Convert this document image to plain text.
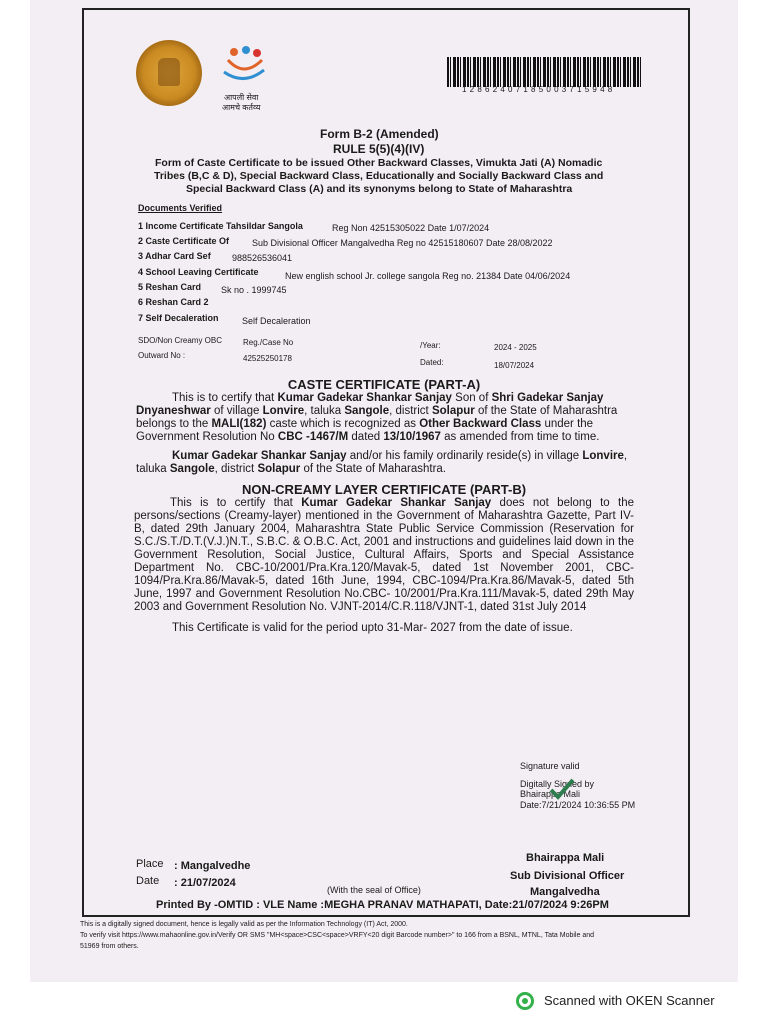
आपली सेवा
आमचे कर्तव्य
1 2 8 6 2 4 0 7 1 8 5 0 0 3 7 1 5 9 4 8
Form B-2 (Amended)
RULE 5(5)(4)(IV)
Form of Caste Certificate to be issued Other Backward Classes, Vimukta Jati (A) Nomadic
Tribes (B,C & D), Special Backward Class, Educationally and Socially Backward Class and
Special Backward Class (A) and its synonyms belong to State of Maharashtra
Documents Verified
1 Income Certificate Tahsildar Sangola	Reg Non 42515305022 Date 1/07/2024
2 Caste Certificate Of	Sub Divisional Officer Mangalvedha Reg no 42515180607 Date 28/08/2022
3 Adhar Card Sef 988526536041
4 School Leaving Certificate	New english school Jr. college sangola Reg no. 21384 Date 04/06/2024
5 Reshan Card Sk no . 1999745
6 Reshan Card 2
7 Self Decaleration	Self Decaleration
SDO/Non Creamy OBC	Reg./Case No	/Year:	2024 - 2025
Outward No :	42525250178	Dated:	18/07/2024
CASTE CERTIFICATE (PART-A)
This is to certify that Kumar Gadekar Shankar Sanjay Son of Shri Gadekar Sanjay Dnyaneshwar of village Lonvire, taluka Sangole, district Solapur of the State of Maharashtra belongs to the MALI(182) caste which is recognized as Other Backward Class under the Government Resolution No CBC -1467/M dated 13/10/1967 as amended from time to time.
Kumar Gadekar Shankar Sanjay and/or his family ordinarily reside(s) in village Lonvire, taluka Sangole, district Solapur of the State of Maharashtra.
NON-CREAMY LAYER CERTIFICATE (PART-B)
This is to certify that Kumar Gadekar Shankar Sanjay does not belong to the persons/sections (Creamy-layer) mentioned in the Government of Maharashtra Gazette, Part IV-B, dated 29th January 2004, Maharashtra State Public Service Commission (Reservation for S.C./S.T./D.T.(V.J.)N.T., S.B.C. & O.B.C. Act, 2001 and instructions and guidelines laid down in the Government Resolution, Social Justice, Cultural Affairs, Sports and Special Assistance Department No. CBC-10/2001/Pra.Kra.120/Mavak-5, dated 1st November 2001, CBC-1094/Pra.Kra.86/Mavak-5, dated 16th June, 1994, CBC-1094/Pra.Kra.86/Mavak-5, dated 5th June, 1997 and Government Resolution No.CBC- 10/2001/Pra.Kra.111/Mavak-5, dated 29th May 2003 and Government Resolution No. VJNT-2014/C.R.118/VJNT-1, dated 31st July 2014
This Certificate is valid for the period upto 31-Mar- 2027 from the date of issue.
Signature valid
Digitally Signed by
Bhairappa Mali
Date:7/21/2024 10:36:55 PM
Place : Mangalvedhe
Date : 21/07/2024
(With the seal of Office)
Bhairappa Mali
Sub Divisional Officer
Mangalvedha
Printed By -OMTID : VLE Name :MEGHA PRANAV MATHAPATI, Date:21/07/2024 9:26PM
This is a digitally signed document, hence is legally valid as per the Information Technology (IT) Act, 2000.
To verify visit https://www.mahaonline.gov.in/Verify OR SMS "MH<space>CSC<space>VRFY<20 digit Barcode number>" to 166 from a BSNL, MTNL, Tata Mobile and
51969 from others.
Scanned with OKEN Scanner
